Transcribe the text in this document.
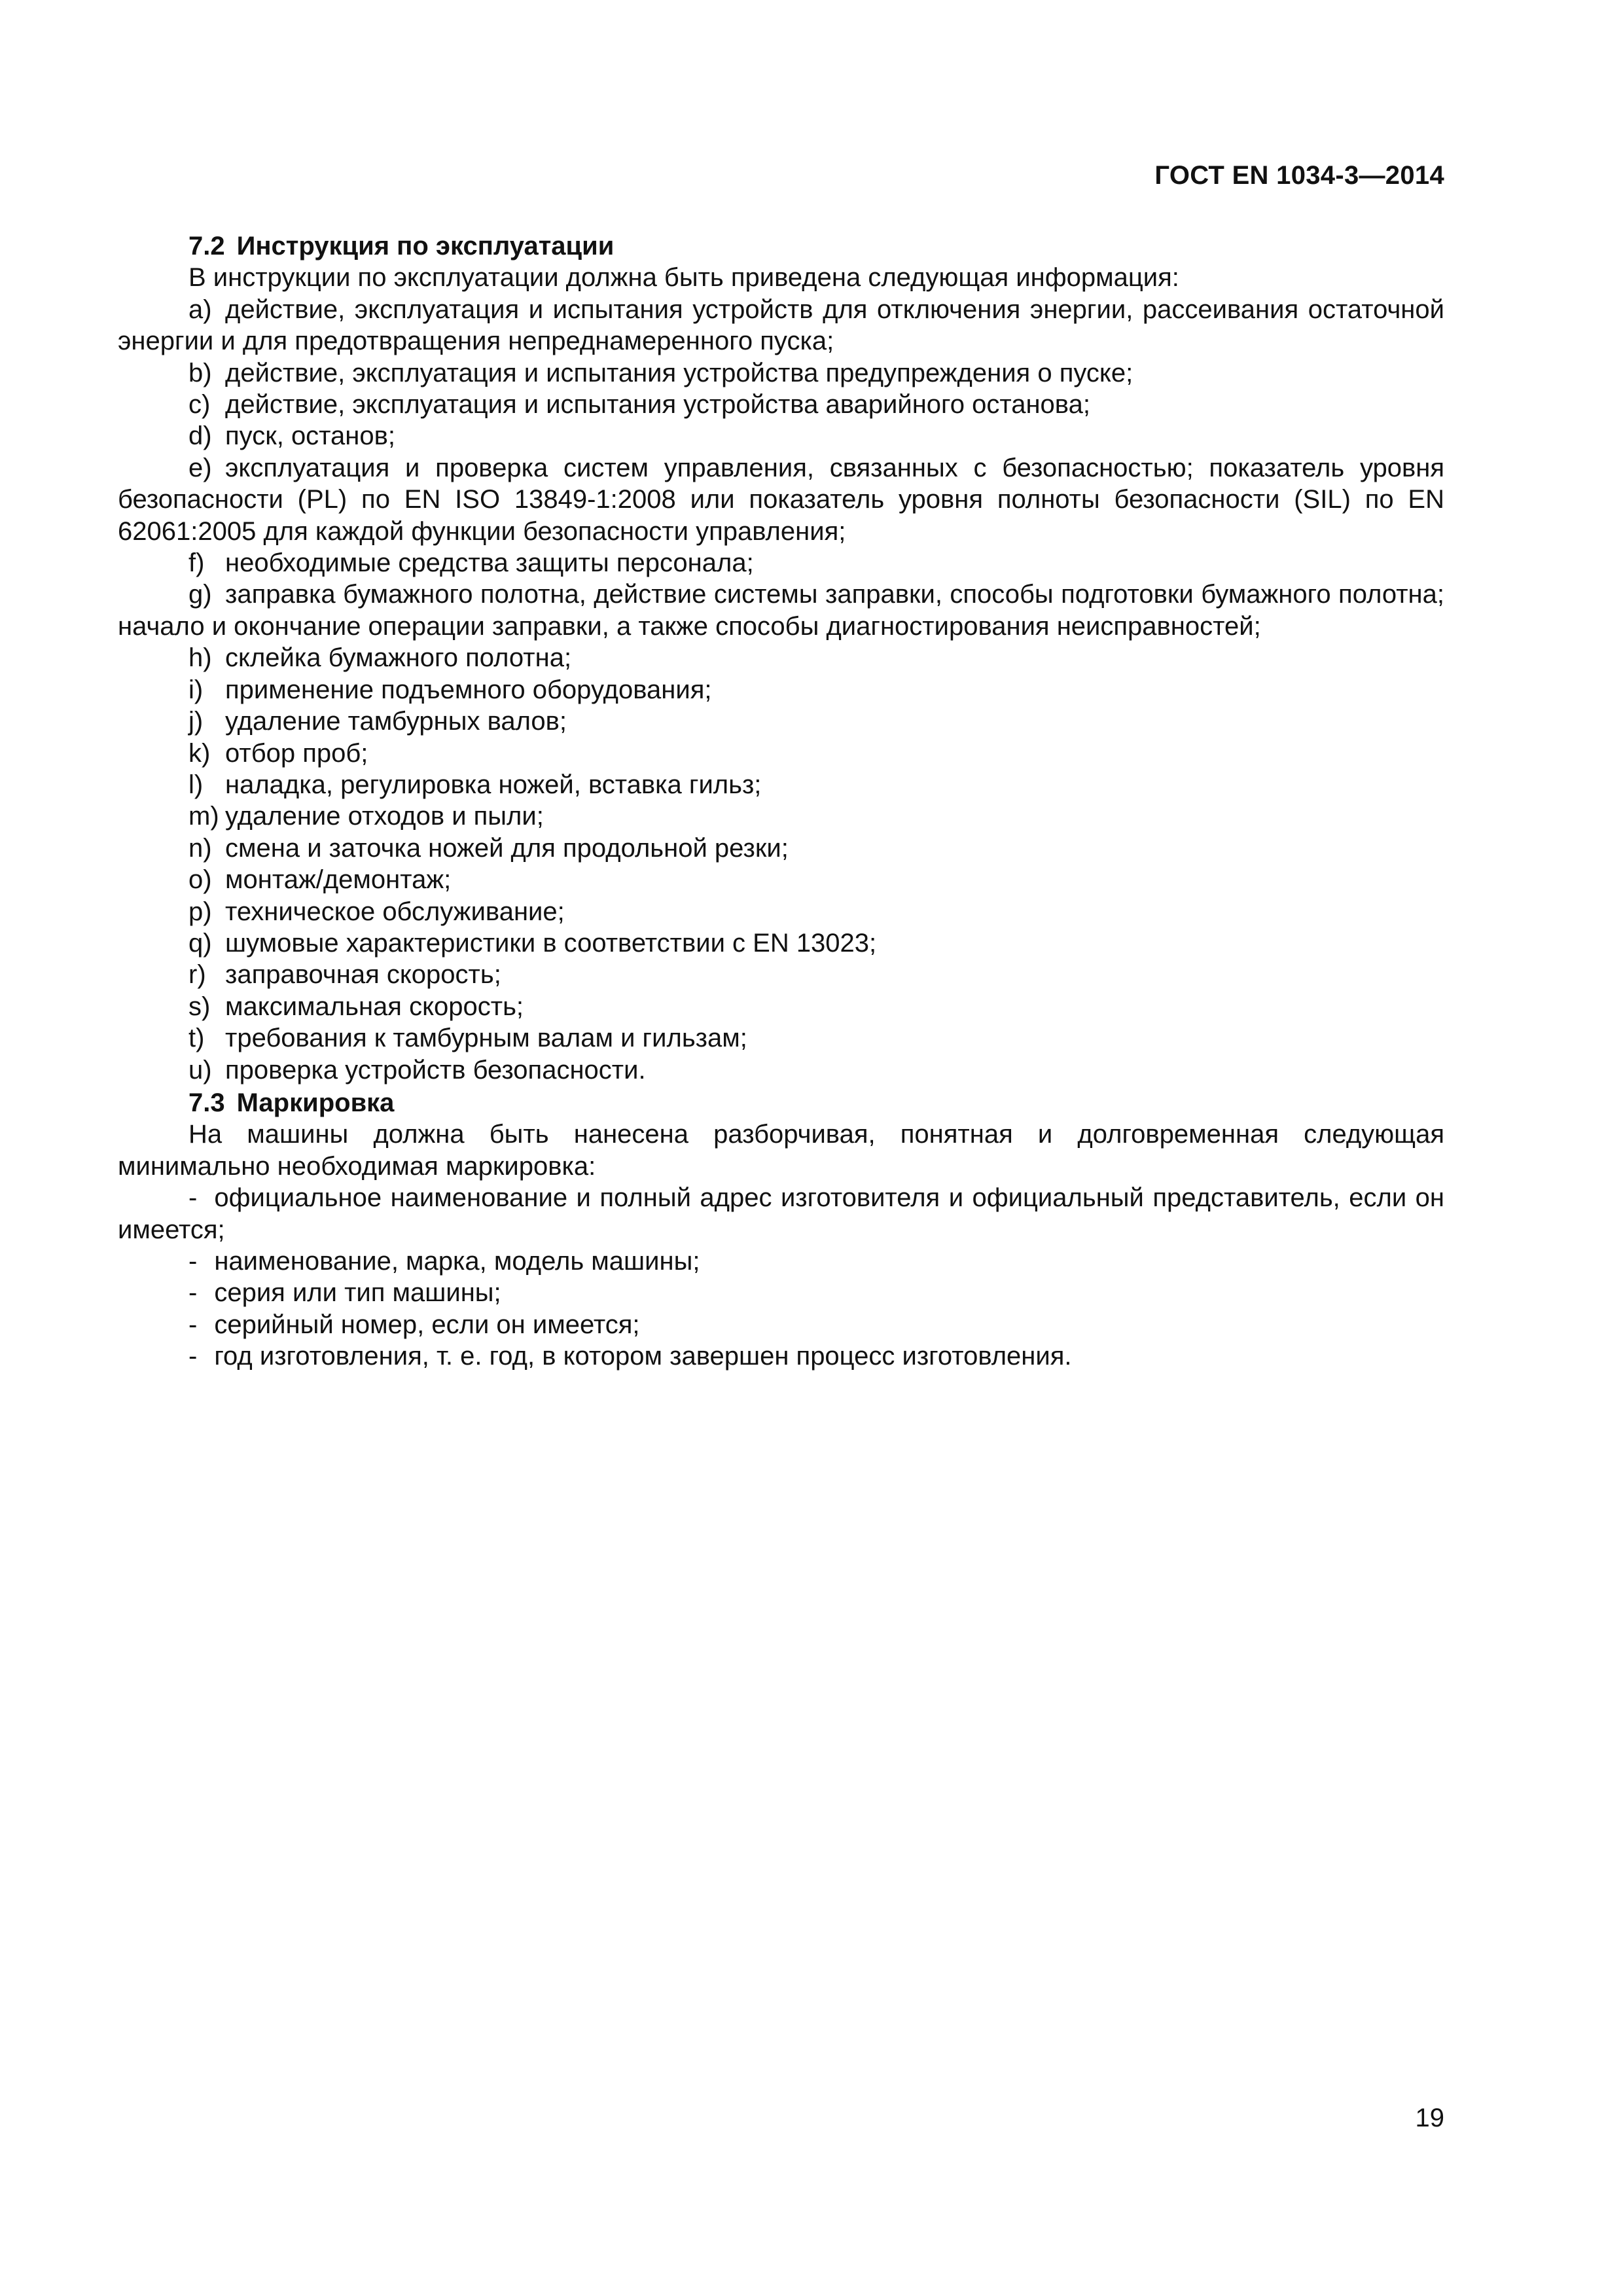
ГОСТ EN 1034-3—2014

7.2 Инструкция по эксплуатации

В инструкции по эксплуатации должна быть приведена следующая информация:

a) действие, эксплуатация и испытания устройств для отключения энергии, рассеивания остаточной энергии и для предотвращения непреднамеренного пуска;

b) действие, эксплуатация и испытания устройства предупреждения о пуске;

c) действие, эксплуатация и испытания устройства аварийного останова;

d) пуск, останов;

e) эксплуатация и проверка систем управления, связанных с безопасностью; показатель уровня безопасности (PL) по EN ISO 13849-1:2008 или показатель уровня полноты безопасности (SIL) по EN 62061:2005 для каждой функции безопасности управления;

f) необходимые средства защиты персонала;

g) заправка бумажного полотна, действие системы заправки, способы подготовки бумажного полотна; начало и окончание операции заправки, а также способы диагностирования неисправностей;

h) склейка бумажного полотна;

i) применение подъемного оборудования;

j) удаление тамбурных валов;

k) отбор проб;

l) наладка, регулировка ножей, вставка гильз;

m) удаление отходов и пыли;

n) смена и заточка ножей для продольной резки;

o) монтаж/демонтаж;

p) техническое обслуживание;

q) шумовые характеристики в соответствии с EN 13023;

r) заправочная скорость;

s) максимальная скорость;

t) требования к тамбурным валам и гильзам;

u) проверка устройств безопасности.

7.3 Маркировка

На машины должна быть нанесена разборчивая, понятная и долговременная следующая минимально необходимая маркировка:

- официальное наименование и полный адрес изготовителя и официальный представитель, если он имеется;

- наименование, марка, модель машины;

- серия или тип машины;

- серийный номер, если он имеется;

- год изготовления, т. е. год, в котором завершен процесс изготовления.

19
